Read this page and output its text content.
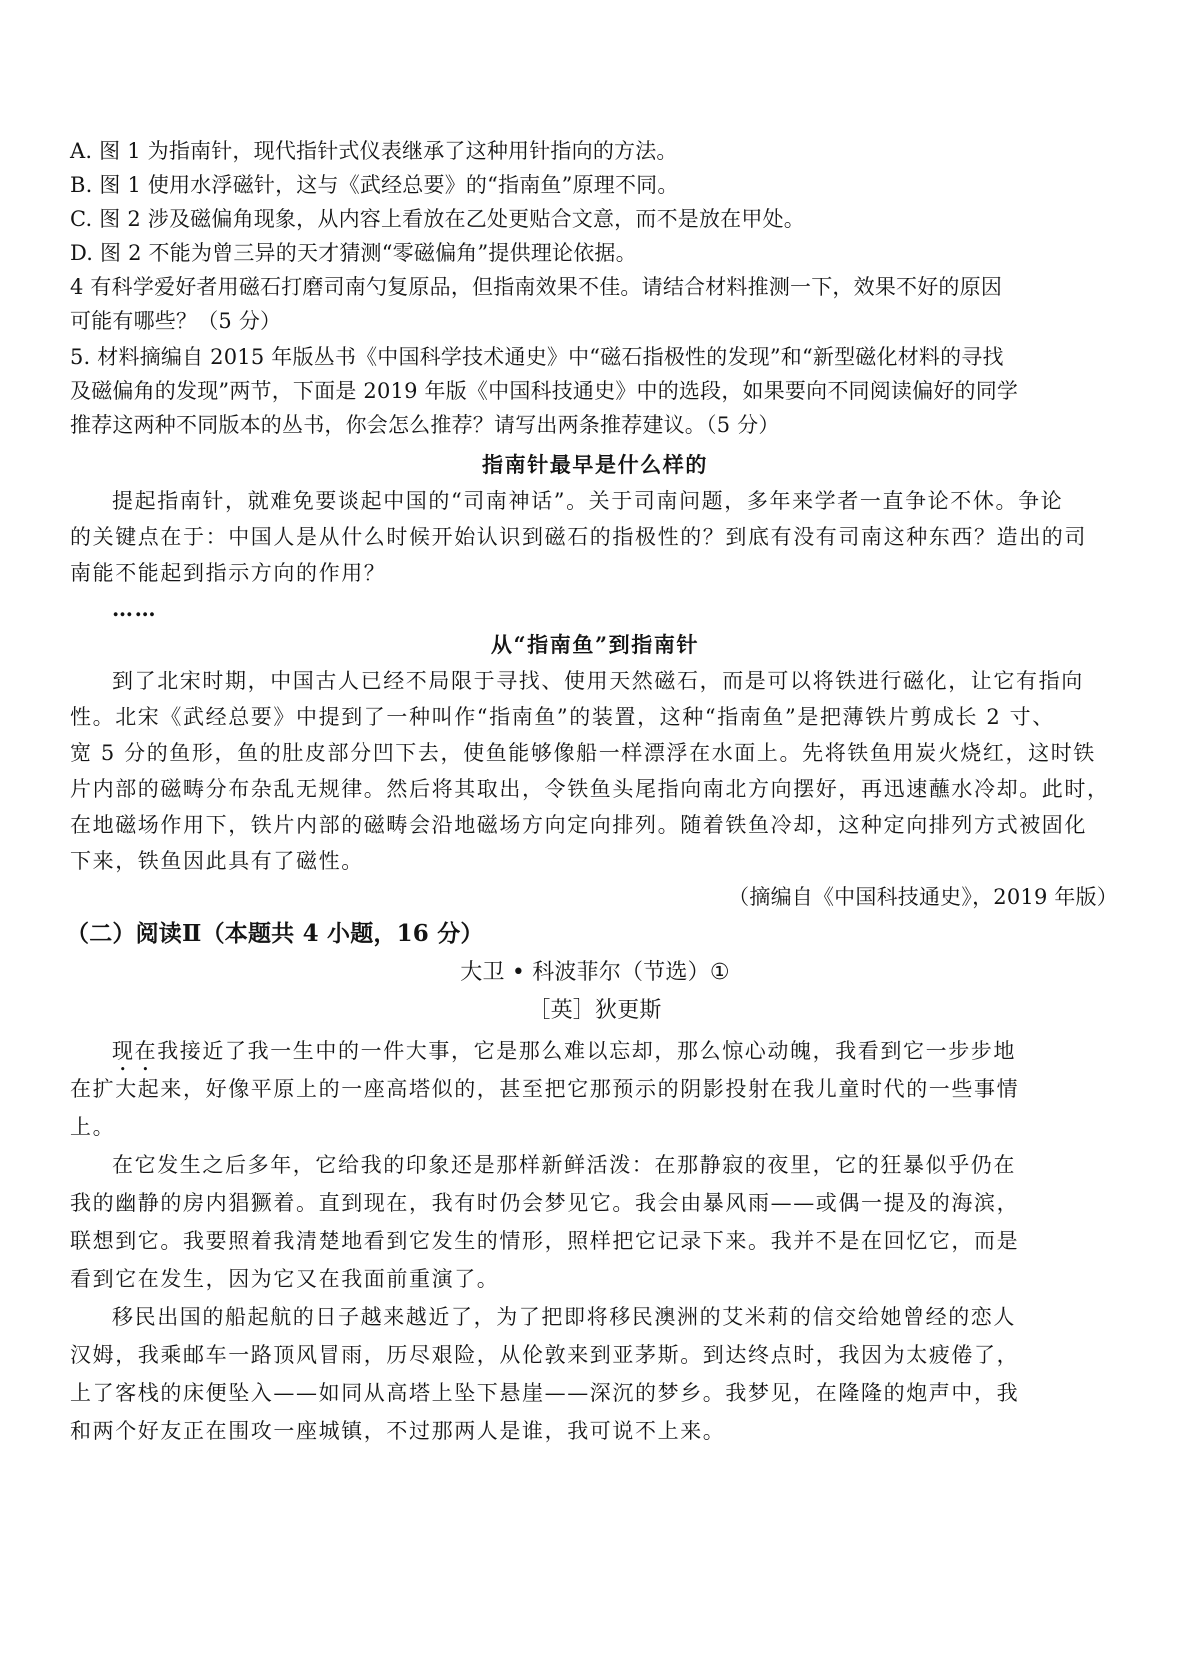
A. 图 1 为指南针，现代指针式仪表继承了这种用针指向的方法。
B. 图 1 使用水浮磁针，这与《武经总要》的“指南鱼”原理不同。
C. 图 2 涉及磁偏角现象，从内容上看放在乙处更贴合文意，而不是放在甲处。
D. 图 2 不能为曾三异的天才猜测“零磁偏角”提供理论依据。
4 有科学爱好者用磁石打磨司南勺复原品，但指南效果不佳。请结合材料推测一下，效果不好的原因
可能有哪些？（5 分）
5. 材料摘编自 2015 年版丛书《中国科学技术通史》中“磁石指极性的发现”和“新型磁化材料的寻找
及磁偏角的发现”两节，下面是 2019 年版《中国科技通史》中的选段，如果要向不同阅读偏好的同学
推荐这两种不同版本的丛书，你会怎么推荐？请写出两条推荐建议。（5 分）
指南针最早是什么样的
提起指南针，就难免要谈起中国的“司南神话”。关于司南问题，多年来学者一直争论不休。争论
的关键点在于：中国人是从什么时候开始认识到磁石的指极性的？到底有没有司南这种东西？造出的司
南能不能起到指示方向的作用？
……
从“指南鱼”到指南针
到了北宋时期，中国古人已经不局限于寻找、使用天然磁石，而是可以将铁进行磁化，让它有指向
性。北宋《武经总要》中提到了一种叫作“指南鱼”的装置，这种“指南鱼”是把薄铁片剪成长 2 寸、
宽 5 分的鱼形，鱼的肚皮部分凹下去，使鱼能够像船一样漂浮在水面上。先将铁鱼用炭火烧红，这时铁
片内部的磁畴分布杂乱无规律。然后将其取出，令铁鱼头尾指向南北方向摆好，再迅速蘸水冷却。此时，
在地磁场作用下，铁片内部的磁畴会沿地磁场方向定向排列。随着铁鱼冷却，这种定向排列方式被固化
下来，铁鱼因此具有了磁性。
（摘编自《中国科技通史》，2019 年版）
（二）阅读Ⅱ（本题共 4 小题，16 分）
大卫 • 科波菲尔（节选）①
［英］狄更斯
现在我接近了我一生中的一件大事，它是那么难以忘却，那么惊心动魄，我看到它一步步地
在扩大起来，好像平原上的一座高塔似的，甚至把它那预示的阴影投射在我儿童时代的一些事情
上。
在它发生之后多年，它给我的印象还是那样新鲜活泼：在那静寂的夜里，它的狂暴似乎仍在
我的幽静的房内猖獗着。直到现在，我有时仍会梦见它。我会由暴风雨——或偶一提及的海滨，
联想到它。我要照着我清楚地看到它发生的情形，照样把它记录下来。我并不是在回忆它，而是
看到它在发生，因为它又在我面前重演了。
移民出国的船起航的日子越来越近了，为了把即将移民澳洲的艾米莉的信交给她曾经的恋人
汉姆，我乘邮车一路顶风冒雨，历尽艰险，从伦敦来到亚茅斯。到达终点时，我因为太疲倦了，
上了客栈的床便坠入——如同从高塔上坠下悬崖——深沉的梦乡。我梦见，在隆隆的炮声中，我
和两个好友正在围攻一座城镇，不过那两人是谁，我可说不上来。
